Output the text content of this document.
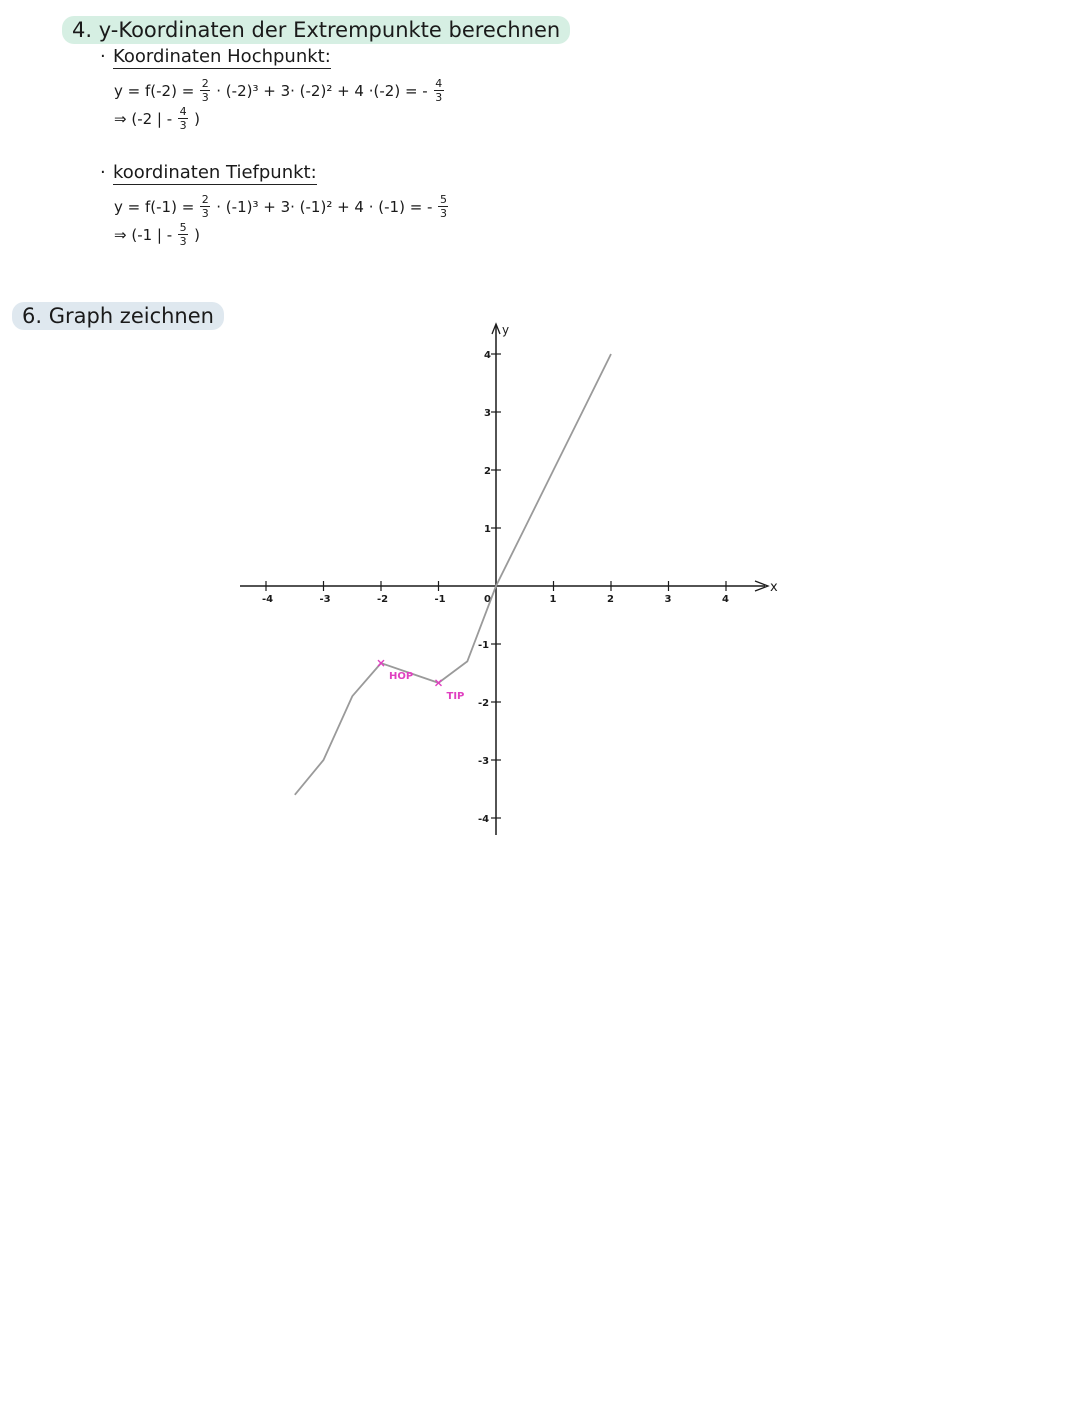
4. y-Koordinaten der Extrempunkte berechnen
· Koordinaten Hochpunkt:
$y = f(-2) = \frac{2}{3} \cdot (-2)^3 + 3\cdot (-2)^2 + 4 \cdot(-2)$ = - $\frac{4}{3}$
⇒ (-2 | - $\frac{4}{3}$ )
· koordinaten Tiefpunkt:
$y = f(-1) = \frac{2}{3} \cdot (-1)^3 + 3\cdot (-1)^2 + 4 \cdot (-1)$ = - $\frac{5}{3}$
⇒ (-1 | - $\frac{5}{3}$ )
6. Graph zeichnen
x
y
-4	-3	-2	-1	0	1	2	3	4
1
2
3
4
-1
-2
-3
-4
HOP
TIP
